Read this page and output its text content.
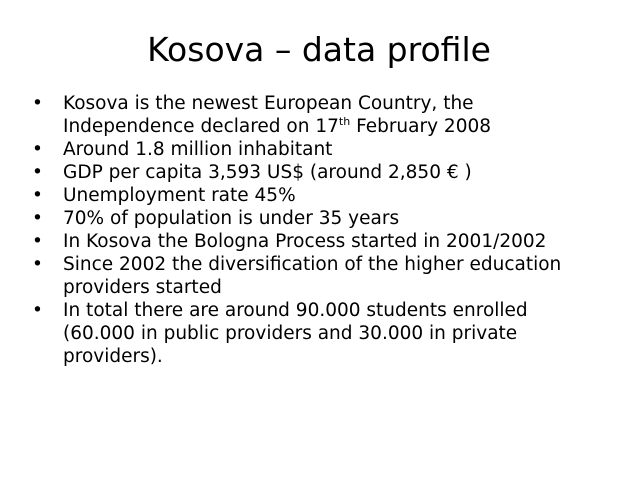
Kosova – data profile
•	Kosova is the newest European Country, the Independence declared on 17th February 2008
•	Around 1.8 million inhabitant
•	GDP per capita 3,593 US$ (around 2,850 € )
•	Unemployment rate 45%
•	70% of population is under 35 years
•	In Kosova the Bologna Process started in 2001/2002
•	Since 2002 the diversification of the higher education providers started
•	In total there are around 90.000 students enrolled (60.000 in public providers and 30.000 in private providers).
